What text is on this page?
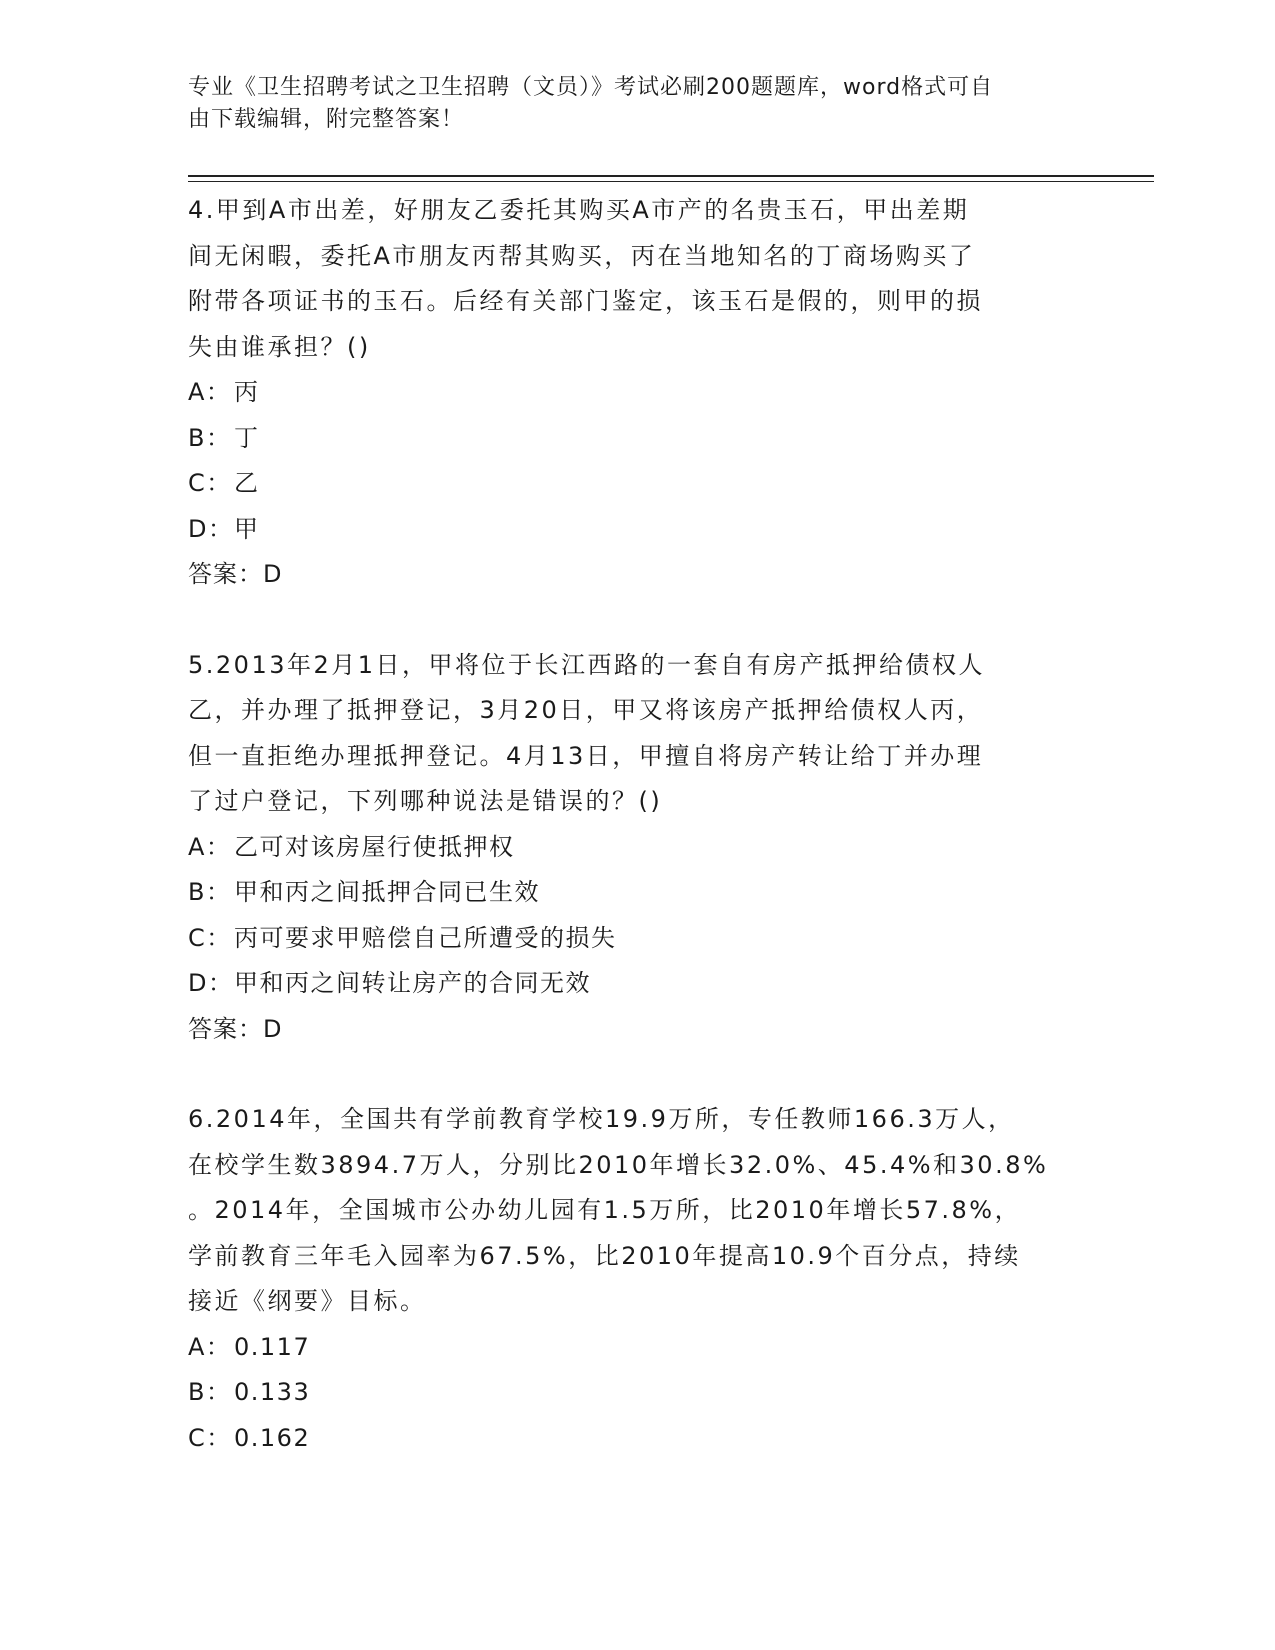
专业《卫生招聘考试之卫生招聘（文员）》考试必刷200题题库，word格式可自
由下载编辑，附完整答案！
4.甲到A市出差，好朋友乙委托其购买A市产的名贵玉石，甲出差期
间无闲暇，委托A市朋友丙帮其购买，丙在当地知名的丁商场购买了
附带各项证书的玉石。后经有关部门鉴定，该玉石是假的，则甲的损
失由谁承担？()
A： 丙
B： 丁
C：乙
D：甲
答案：D
5.2013年2月1日，甲将位于长江西路的一套自有房产抵押给债权人
乙，并办理了抵押登记，3月20日，甲又将该房产抵押给债权人丙，
但一直拒绝办理抵押登记。4月13日，甲擅自将房产转让给丁并办理
了过户登记，下列哪种说法是错误的？()
A： 乙可对该房屋行使抵押权
B： 甲和丙之间抵押合同已生效
C：丙可要求甲赔偿自己所遭受的损失
D：甲和丙之间转让房产的合同无效
答案：D
6.2014年，全国共有学前教育学校19.9万所，专任教师166.3万人，
在校学生数3894.7万人，分别比2010年增长32.0%、45.4%和30.8%
。2014年，全国城市公办幼儿园有1.5万所，比2010年增长57.8%，
学前教育三年毛入园率为67.5%，比2010年提高10.9个百分点，持续
接近《纲要》目标。
A： 0.117
B： 0.133
C：0.162
